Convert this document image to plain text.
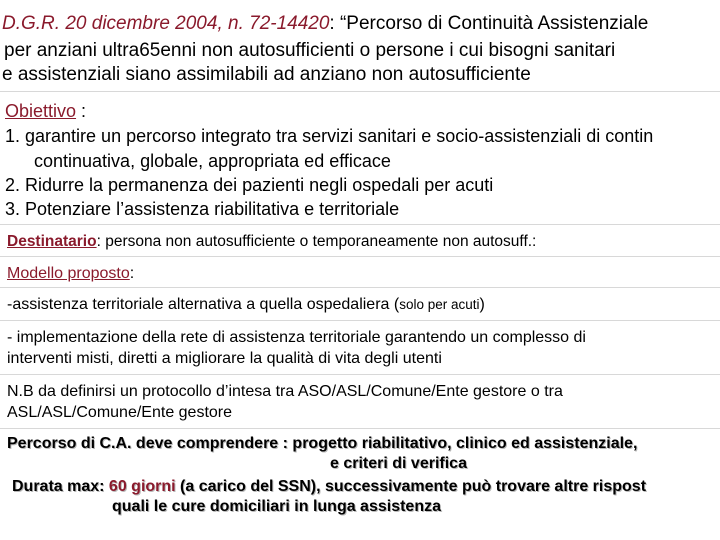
D.G.R. 20 dicembre 2004, n. 72-14420: “Percorso di Continuità Assistenziale
per anziani ultra65enni non autosufficienti o persone i cui bisogni sanitari
e assistenziali siano assimilabili ad anziano non autosufficiente
Obiettivo :
1. garantire un percorso integrato tra servizi sanitari e socio-assistenziali di contin
continuativa, globale, appropriata ed efficace
2. Ridurre la permanenza dei pazienti negli ospedali per acuti
3. Potenziare l’assistenza riabilitativa e territoriale
Destinatario: persona non autosufficiente o temporaneamente non autosuff.:
Modello proposto:
-assistenza territoriale alternativa a quella ospedaliera (solo per acuti)
- implementazione della rete di assistenza territoriale garantendo un complesso di
interventi misti, diretti a migliorare la qualità di vita degli utenti
N.B da definirsi un protocollo d’intesa tra ASO/ASL/Comune/Ente gestore o tra
ASL/ASL/Comune/Ente gestore
Percorso di C.A. deve comprendere : progetto riabilitativo, clinico ed assistenziale,
e criteri di verifica
Durata max: 60 giorni (a carico del SSN), successivamente può trovare altre rispost
quali le cure domiciliari in lunga assistenza
